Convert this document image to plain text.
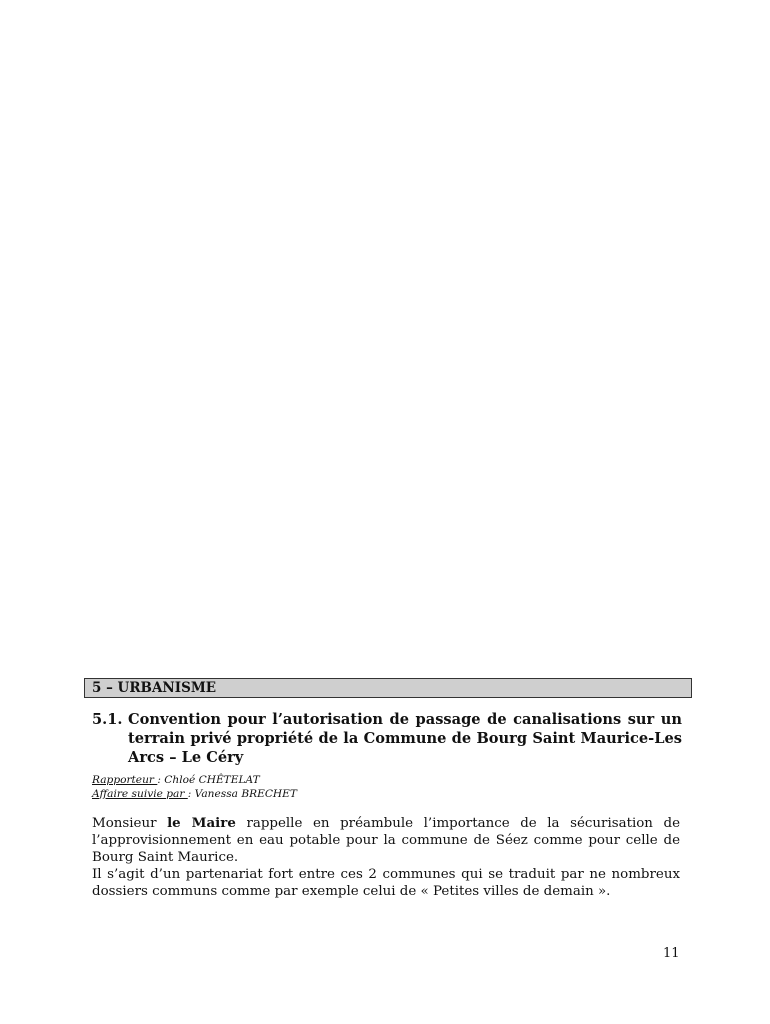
5 – URBANISME
5.1. Convention pour l’autorisation de passage de canalisations sur un terrain privé propriété de la Commune de Bourg Saint Maurice-Les Arcs – Le Céry
Rapporteur : Chloé CHÊTELAT
Affaire suivie par : Vanessa BRECHET

Monsieur le Maire rappelle en préambule l’importance de la sécurisation de l’approvisionnement en eau potable pour la commune de Séez comme pour celle de Bourg Saint Maurice.

Il s’agit d’un partenariat fort entre ces 2 communes qui se traduit par ne nombreux dossiers communs comme par exemple celui de « Petites villes de demain ».

11
